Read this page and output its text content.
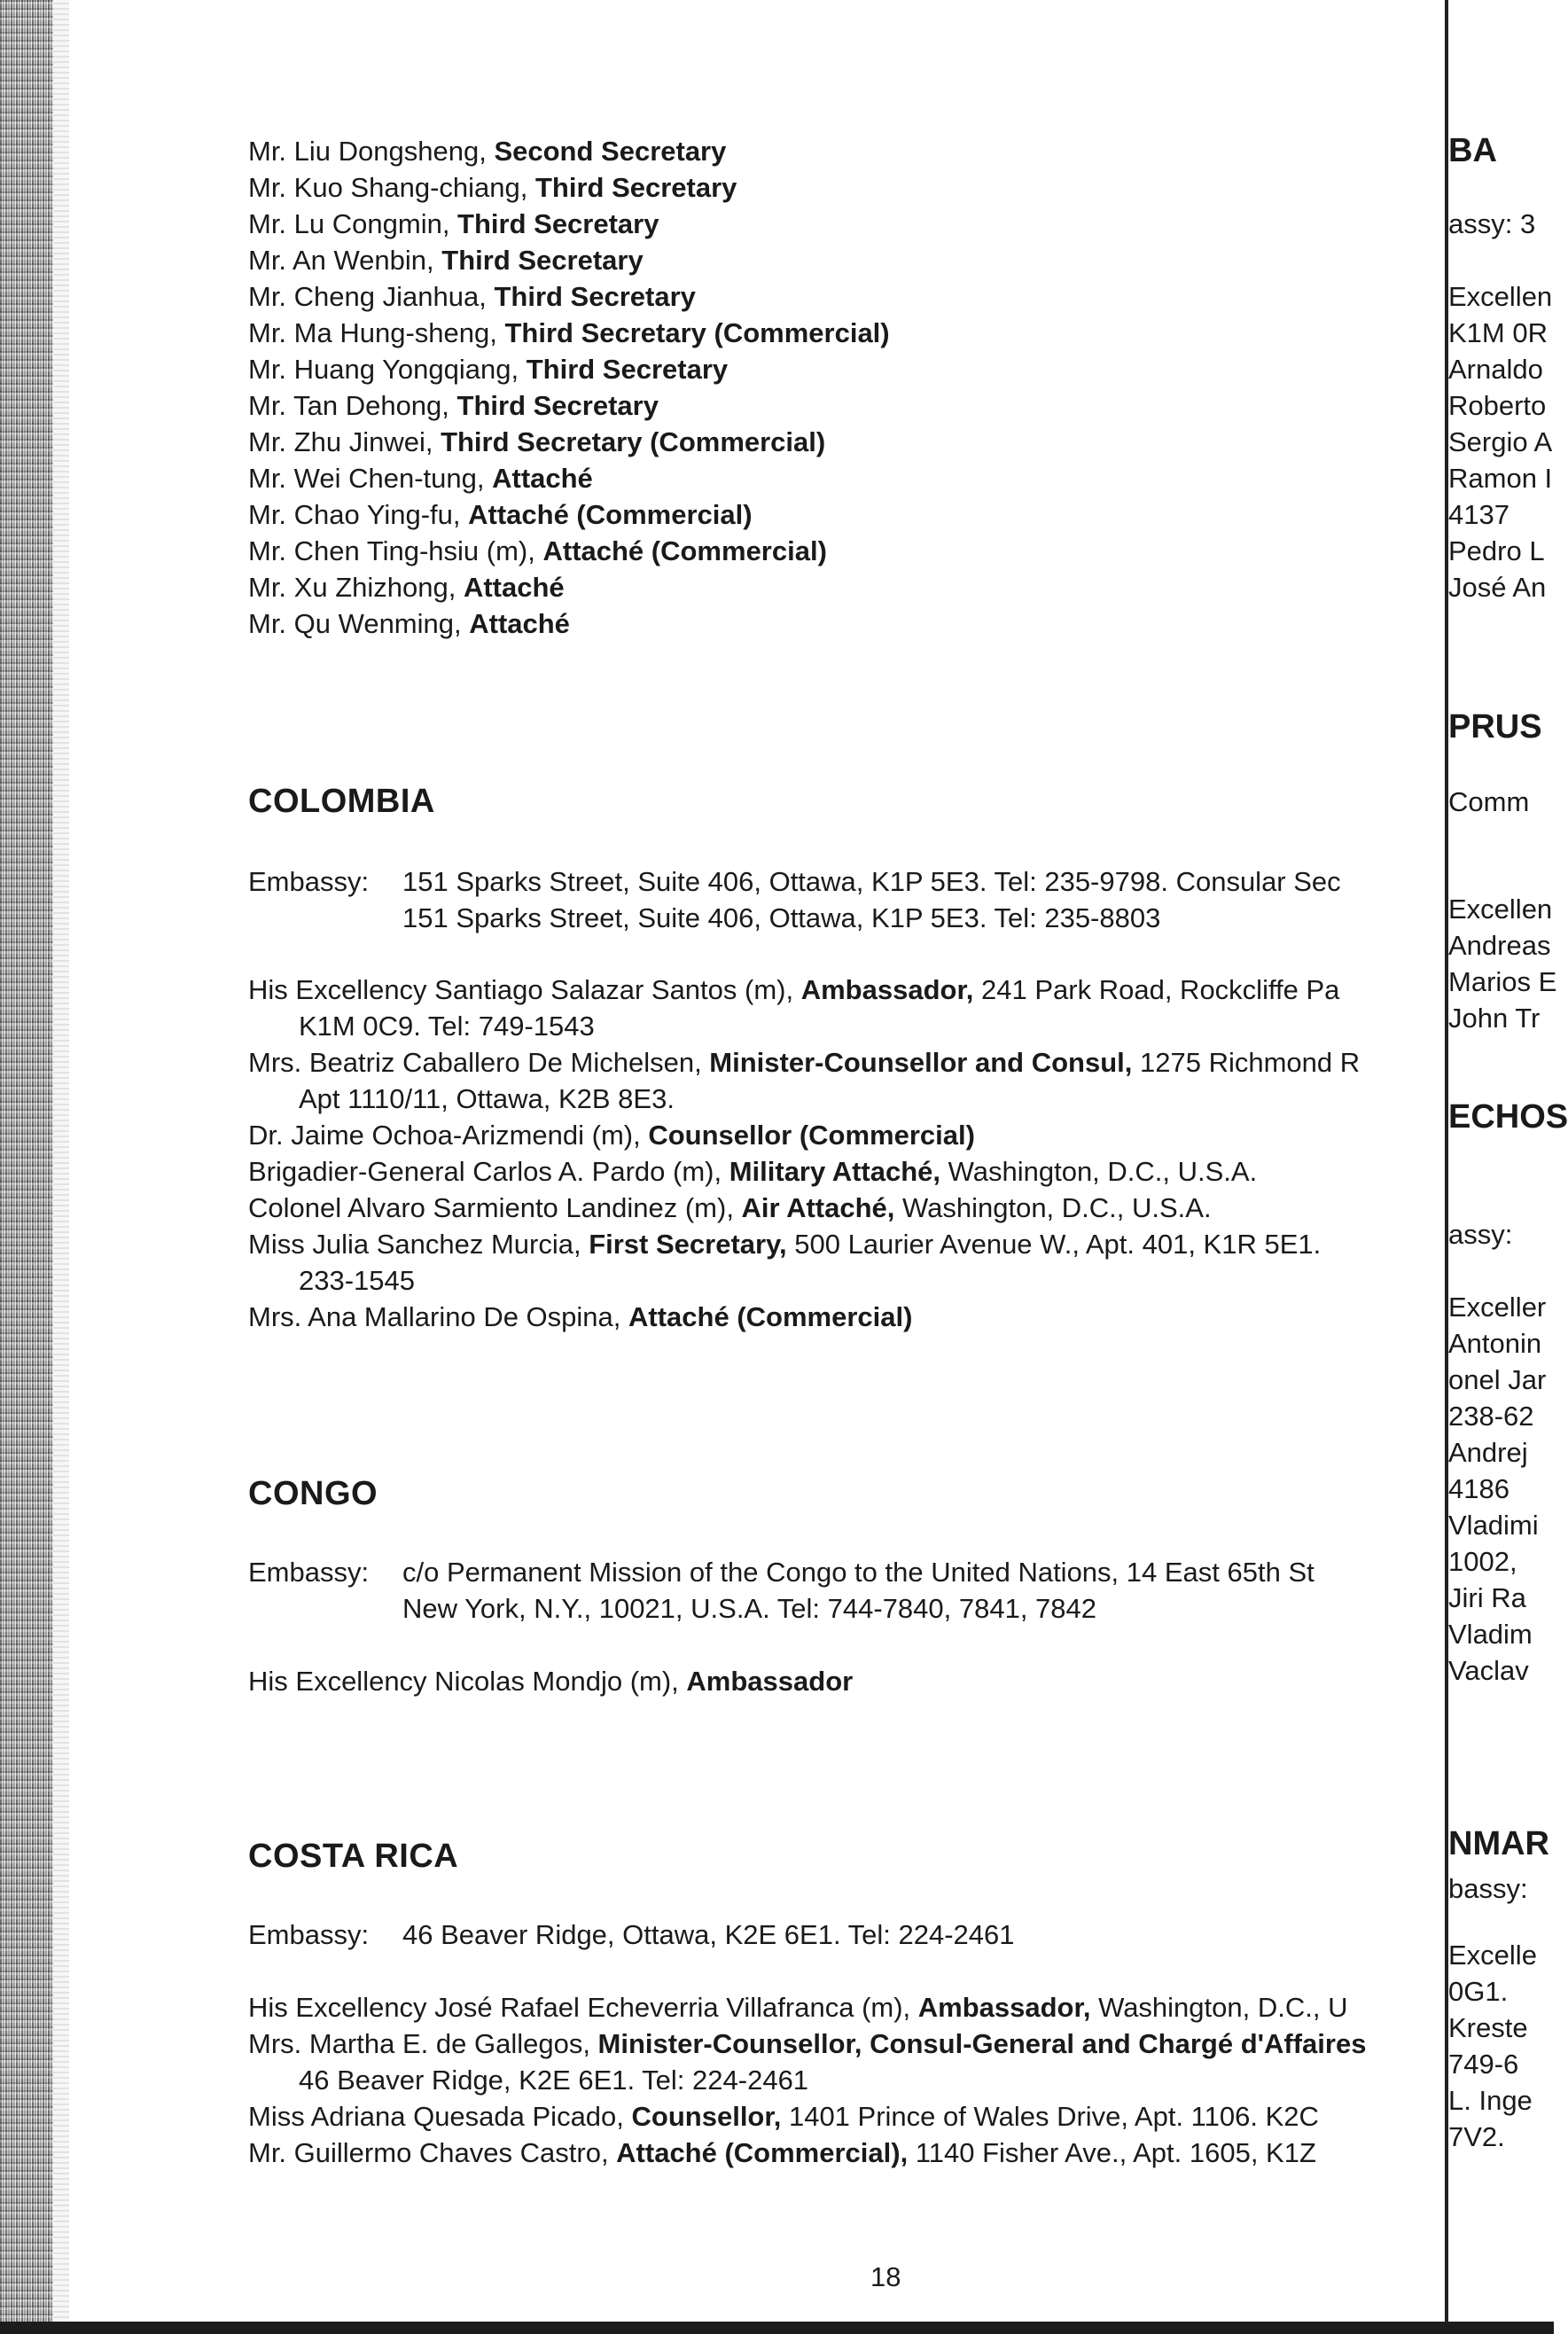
Mr. Liu Dongsheng, Second Secretary
Mr. Kuo Shang-chiang, Third Secretary
Mr. Lu Congmin, Third Secretary
Mr. An Wenbin, Third Secretary
Mr. Cheng Jianhua, Third Secretary
Mr. Ma Hung-sheng, Third Secretary (Commercial)
Mr. Huang Yongqiang, Third Secretary
Mr. Tan Dehong, Third Secretary
Mr. Zhu Jinwei, Third Secretary (Commercial)
Mr. Wei Chen-tung, Attaché
Mr. Chao Ying-fu, Attaché (Commercial)
Mr. Chen Ting-hsiu (m), Attaché (Commercial)
Mr. Xu Zhizhong, Attaché
Mr. Qu Wenming, Attaché
COLOMBIA
Embassy: 151 Sparks Street, Suite 406, Ottawa, K1P 5E3. Tel: 235-9798. Consular Sec
151 Sparks Street, Suite 406, Ottawa, K1P 5E3. Tel: 235-8803
His Excellency Santiago Salazar Santos (m), Ambassador, 241 Park Road, Rockcliffe Pa
K1M 0C9. Tel: 749-1543
Mrs. Beatriz Caballero De Michelsen, Minister-Counsellor and Consul, 1275 Richmond R
Apt 1110/11, Ottawa, K2B 8E3.
Dr. Jaime Ochoa-Arizmendi (m), Counsellor (Commercial)
Brigadier-General Carlos A. Pardo (m), Military Attaché, Washington, D.C., U.S.A.
Colonel Alvaro Sarmiento Landinez (m), Air Attaché, Washington, D.C., U.S.A.
Miss Julia Sanchez Murcia, First Secretary, 500 Laurier Avenue W., Apt. 401, K1R 5E1.
233-1545
Mrs. Ana Mallarino De Ospina, Attaché (Commercial)
CONGO
Embassy: c/o Permanent Mission of the Congo to the United Nations, 14 East 65th St
New York, N.Y., 10021, U.S.A. Tel: 744-7840, 7841, 7842
His Excellency Nicolas Mondjo (m), Ambassador
COSTA RICA
Embassy: 46 Beaver Ridge, Ottawa, K2E 6E1. Tel: 224-2461
His Excellency José Rafael Echeverria Villafranca (m), Ambassador, Washington, D.C., U
Mrs. Martha E. de Gallegos, Minister-Counsellor, Consul-General and Chargé d'Affaires
46 Beaver Ridge, K2E 6E1. Tel: 224-2461
Miss Adriana Quesada Picado, Counsellor, 1401 Prince of Wales Drive, Apt. 1106. K2C
Mr. Guillermo Chaves Castro, Attaché (Commercial), 1140 Fisher Ave., Apt. 1605, K1Z
18
BA
assy: 3
Excellen
K1M 0R
Arnaldo
Roberto
Sergio A
Ramon I
4137
Pedro L
José An
PRUS
Comm
Excellen
Andreas
Marios E
John Tr
ECHOS
assy:
Exceller
Antonin
onel Jar
238-62
Andrej
4186
Vladimi
1002,
Jiri Ra
Vladim
Vaclav
NMAR
bassy:
Excelle
0G1.
Kreste
749-6
L. Inge
7V2.
